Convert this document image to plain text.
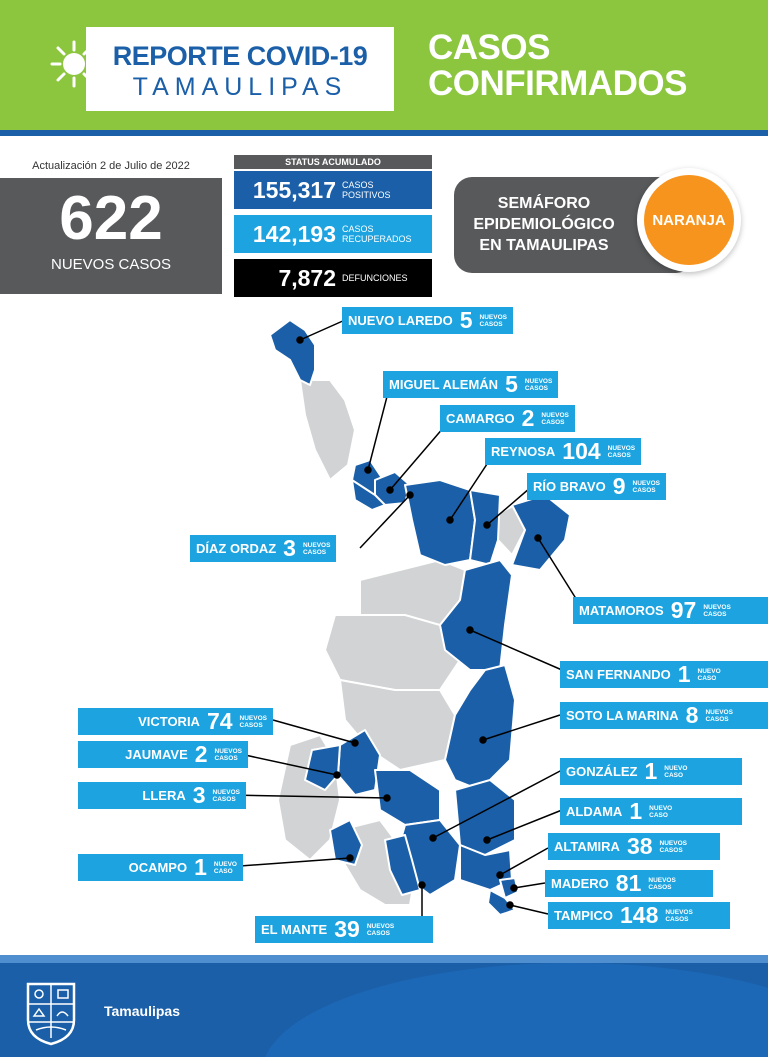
REPORTE COVID-19
TAMAULIPAS
CASOS
CONFIRMADOS
Actualización 2 de Julio de 2022
622
NUEVOS CASOS
STATUS ACUMULADO
155,317 CASOS
POSITIVOS
142,193 CASOS
RECUPERADOS
7,872 DEFUNCIONES
SEMÁFORO
EPIDEMIOLÓGICO
EN TAMAULIPAS
NARANJA
NUEVO LAREDO 5 NUEVOS
CASOS
MIGUEL ALEMÁN 5 NUEVOS
CASOS
CAMARGO 2 NUEVOS
CASOS
REYNOSA 104 NUEVOS
CASOS
RÍO BRAVO 9 NUEVOS
CASOS
DÍAZ ORDAZ 3 NUEVOS
CASOS
MATAMOROS 97 NUEVOS
CASOS
SAN FERNANDO 1 NUEVO
CASO
VICTORIA 74 NUEVOS
CASOS
SOTO LA MARINA 8 NUEVOS
CASOS
JAUMAVE 2 NUEVOS
CASOS
GONZÁLEZ 1 NUEVO
CASO
LLERA 3 NUEVOS
CASOS
ALDAMA 1 NUEVO
CASO
ALTAMIRA 38 NUEVOS
CASOS
OCAMPO 1 NUEVO
CASO
MADERO 81 NUEVOS
CASOS
TAMPICO 148 NUEVOS
CASOS
EL MANTE 39 NUEVOS
CASOS
Tamaulipas
